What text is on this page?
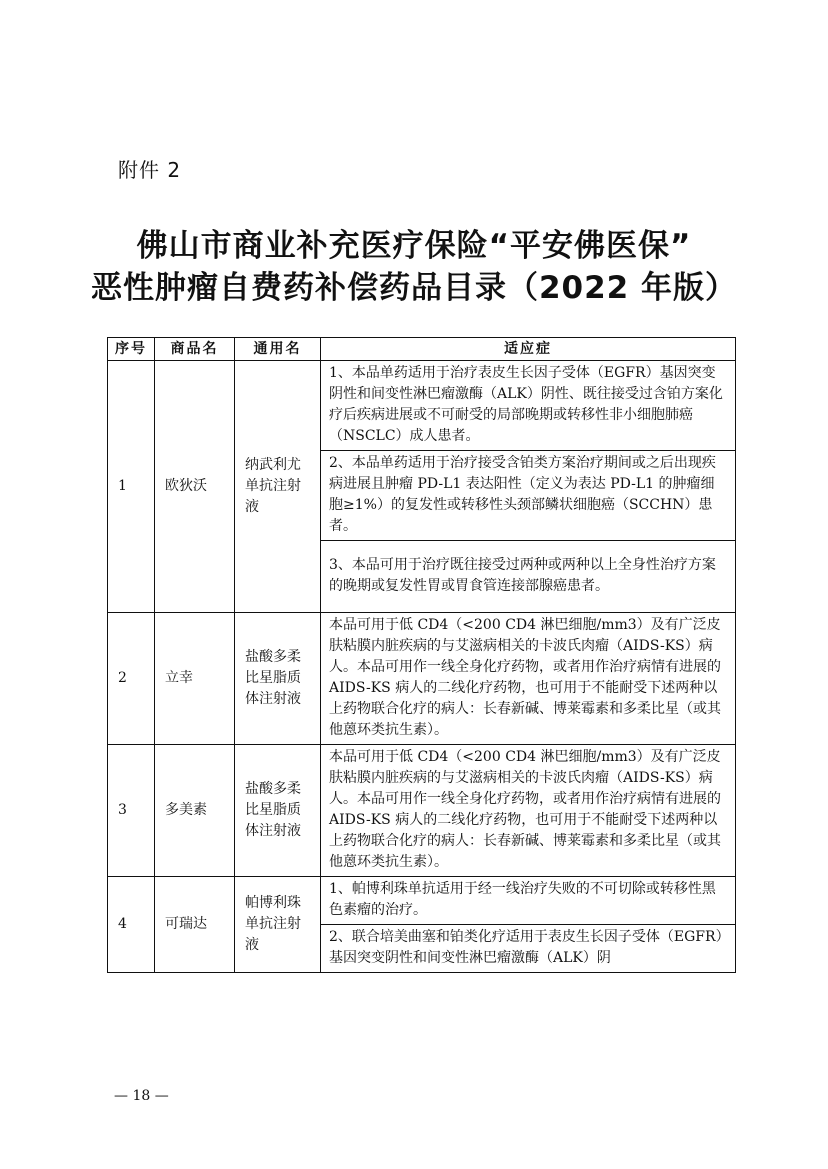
附件 2
佛山市商业补充医疗保险“平安佛医保”
恶性肿瘤自费药补偿药品目录（2022 年版）
序号	商品名	通用名	适应症
1	欧狄沃	纳武利尤单抗注射液	1、本品单药适用于治疗表皮生长因子受体（EGFR）基因突变阴性和间变性淋巴瘤激酶（ALK）阴性、既往接受过含铂方案化疗后疾病进展或不可耐受的局部晚期或转移性非小细胞肺癌（NSCLC）成人患者。
			2、本品单药适用于治疗接受含铂类方案治疗期间或之后出现疾病进展且肿瘤 PD-L1 表达阳性（定义为表达 PD-L1 的肿瘤细胞≥1%）的复发性或转移性头颈部鳞状细胞癌（SCCHN）患者。
			3、本品可用于治疗既往接受过两种或两种以上全身性治疗方案的晚期或复发性胃或胃食管连接部腺癌患者。
2	立幸	盐酸多柔比星脂质体注射液	本品可用于低 CD4（<200 CD4 淋巴细胞/mm3）及有广泛皮肤粘膜内脏疾病的与艾滋病相关的卡波氏肉瘤（AIDS-KS）病人。本品可用作一线全身化疗药物，或者用作治疗病情有进展的 AIDS-KS 病人的二线化疗药物，也可用于不能耐受下述两种以上药物联合化疗的病人：长春新碱、博莱霉素和多柔比星（或其他蒽环类抗生素）。
3	多美素	盐酸多柔比星脂质体注射液	本品可用于低 CD4（<200 CD4 淋巴细胞/mm3）及有广泛皮肤粘膜内脏疾病的与艾滋病相关的卡波氏肉瘤（AIDS-KS）病人。本品可用作一线全身化疗药物，或者用作治疗病情有进展的 AIDS-KS 病人的二线化疗药物，也可用于不能耐受下述两种以上药物联合化疗的病人：长春新碱、博莱霉素和多柔比星（或其他蒽环类抗生素）。
4	可瑞达	帕博利珠单抗注射液	1、帕博利珠单抗适用于经一线治疗失败的不可切除或转移性黑色素瘤的治疗。
			2、联合培美曲塞和铂类化疗适用于表皮生长因子受体（EGFR）基因突变阴性和间变性淋巴瘤激酶（ALK）阴
— 18 —
